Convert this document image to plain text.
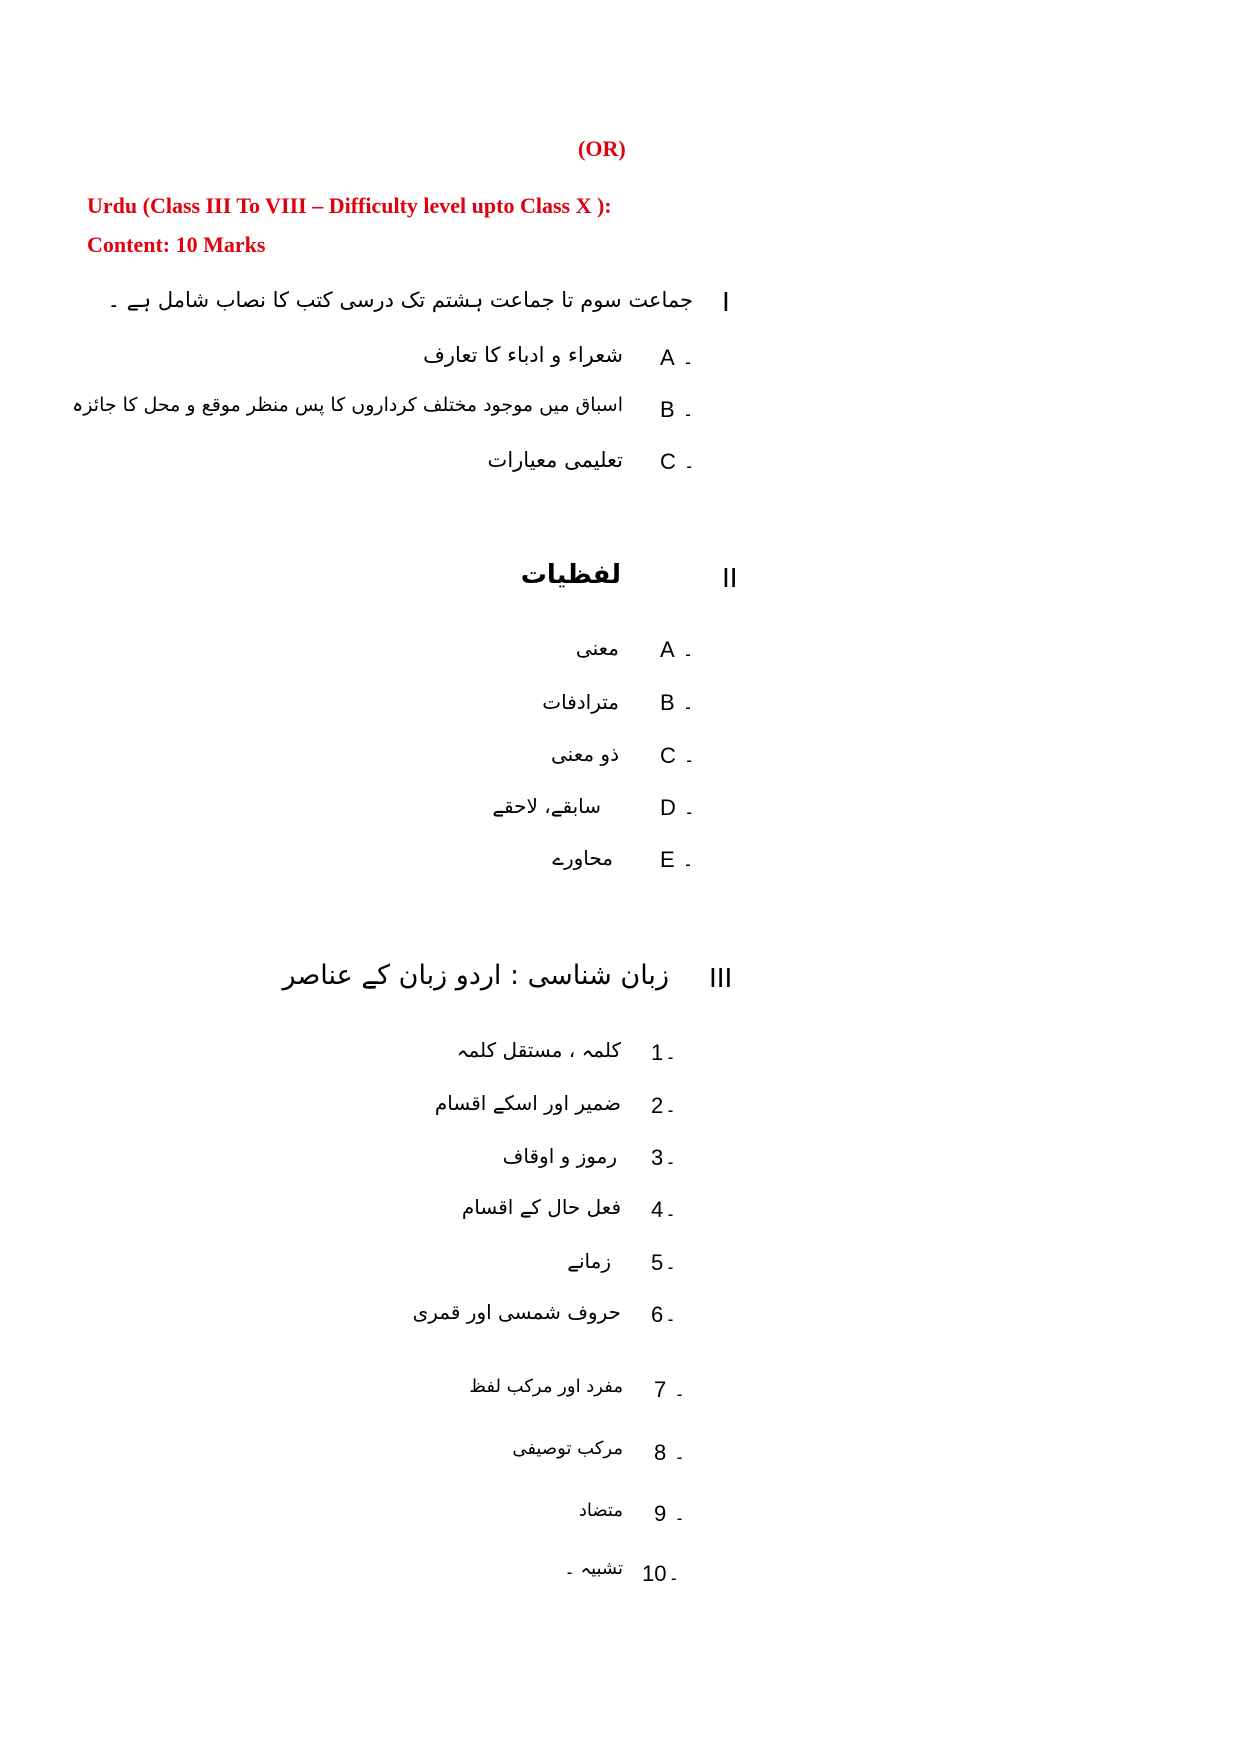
(OR)
Urdu (Class III To VIII – Difficulty level upto Class X ):
Content: 10 Marks
I
جماعت سوم تا جماعت ہشتم تک درسی کتب کا نصاب شامل ہے ۔
A ۔
شعراء و ادباء کا تعارف
B ۔
اسباق میں موجود مختلف کرداروں کا پس منظر موقع و محل کا جائزہ
C ۔
تعلیمی معیارات
II
لفظیات
A ۔
معنی
B ۔
مترادفات
C ۔
ذو معنی
D ۔
سابقے، لاحقے
E ۔
محاورے
III
زبان شناسی : اردو زبان کے عناصر
1 ۔
کلمہ ، مستقل کلمہ
2 ۔
ضمیر اور اسکے اقسام
3 ۔
رموز و اوقاف
4 ۔
فعل حال کے اقسام
5 ۔
زمانے
6 ۔
حروف شمسی اور قمری
7 ۔
مفرد اور مرکب لفظ
8 ۔
مرکب توصیفی
9 ۔
متضاد
10 ۔
تشبیہ ۔
